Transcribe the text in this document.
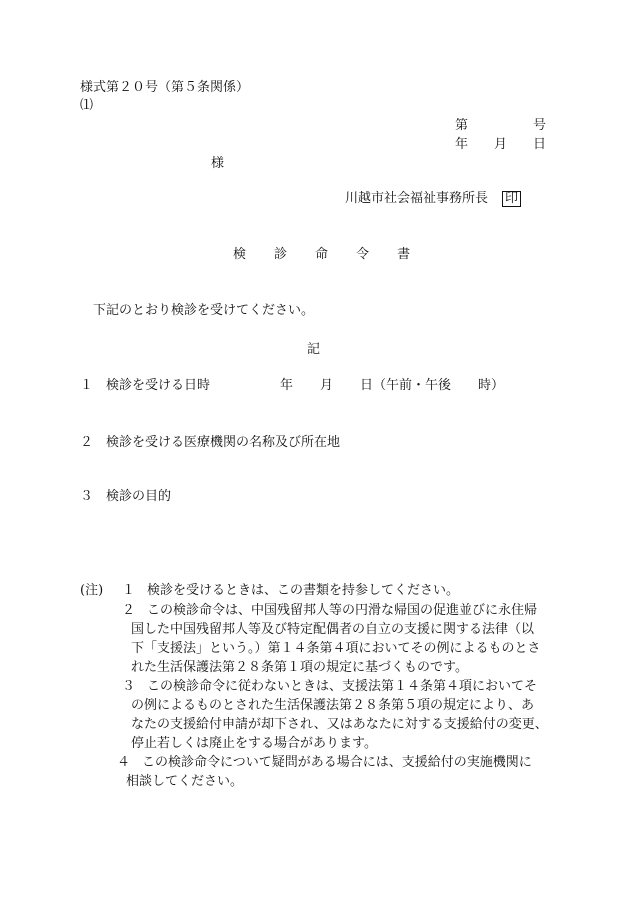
様式第２０号（第５条関係）
⑴
第	号
年 月 日
様
川越市社会福祉事務所長 印
検 診 命 令 書
下記のとおり検診を受けてください。
記
１ 検診を受ける日時	年 月 日（午前・午後 時）
２ 検診を受ける医療機関の名称及び所在地
３ 検診の目的
(注) １ 検診を受けるときは、この書類を持参してください。
２ この検診命令は、中国残留邦人等の円滑な帰国の促進並びに永住帰
国した中国残留邦人等及び特定配偶者の自立の支援に関する法律（以
下「支援法」という。）第１４条第４項においてその例によるものとさ
れた生活保護法第２８条第１項の規定に基づくものです。
３ この検診命令に従わないときは、支援法第１４条第４項においてそ
の例によるものとされた生活保護法第２８条第５項の規定により、あ
なたの支援給付申請が却下され、又はあなたに対する支援給付の変更、
停止若しくは廃止をする場合があります。
４ この検診命令について疑問がある場合には、支援給付の実施機関に
相談してください。
